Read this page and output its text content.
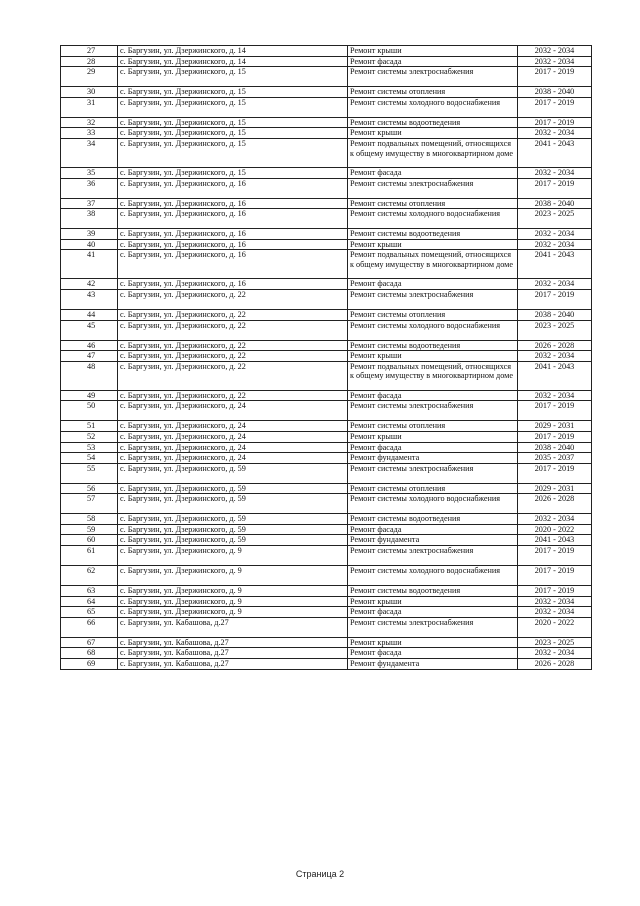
27	с. Баргузин, ул. Дзержинского, д. 14	Ремонт крыши	2032 - 2034
28	с. Баргузин, ул. Дзержинского, д. 14	Ремонт фасада	2032 - 2034
29	с. Баргузин, ул. Дзержинского, д. 15	Ремонт системы электроснабжения	2017 - 2019
30	с. Баргузин, ул. Дзержинского, д. 15	Ремонт системы отопления	2038 - 2040
31	с. Баргузин, ул. Дзержинского, д. 15	Ремонт системы холодного водоснабжения	2017 - 2019
32	с. Баргузин, ул. Дзержинского, д. 15	Ремонт системы водоотведения	2017 - 2019
33	с. Баргузин, ул. Дзержинского, д. 15	Ремонт крыши	2032 - 2034
34	с. Баргузин, ул. Дзержинского, д. 15	Ремонт подвальных помещений, относящихся к общему имуществу в многоквартирном доме	2041 - 2043
35	с. Баргузин, ул. Дзержинского, д. 15	Ремонт фасада	2032 - 2034
36	с. Баргузин, ул. Дзержинского, д. 16	Ремонт системы электроснабжения	2017 - 2019
37	с. Баргузин, ул. Дзержинского, д. 16	Ремонт системы отопления	2038 - 2040
38	с. Баргузин, ул. Дзержинского, д. 16	Ремонт системы холодного водоснабжения	2023 - 2025
39	с. Баргузин, ул. Дзержинского, д. 16	Ремонт системы водоотведения	2032 - 2034
40	с. Баргузин, ул. Дзержинского, д. 16	Ремонт крыши	2032 - 2034
41	с. Баргузин, ул. Дзержинского, д. 16	Ремонт подвальных помещений, относящихся к общему имуществу в многоквартирном доме	2041 - 2043
42	с. Баргузин, ул. Дзержинского, д. 16	Ремонт фасада	2032 - 2034
43	с. Баргузин, ул. Дзержинского, д. 22	Ремонт системы электроснабжения	2017 - 2019
44	с. Баргузин, ул. Дзержинского, д. 22	Ремонт системы отопления	2038 - 2040
45	с. Баргузин, ул. Дзержинского, д. 22	Ремонт системы холодного водоснабжения	2023 - 2025
46	с. Баргузин, ул. Дзержинского, д. 22	Ремонт системы водоотведения	2026 - 2028
47	с. Баргузин, ул. Дзержинского, д. 22	Ремонт крыши	2032 - 2034
48	с. Баргузин, ул. Дзержинского, д. 22	Ремонт подвальных помещений, относящихся к общему имуществу в многоквартирном доме	2041 - 2043
49	с. Баргузин, ул. Дзержинского, д. 22	Ремонт фасада	2032 - 2034
50	с. Баргузин, ул. Дзержинского, д. 24	Ремонт системы электроснабжения	2017 - 2019
51	с. Баргузин, ул. Дзержинского, д. 24	Ремонт системы отопления	2029 - 2031
52	с. Баргузин, ул. Дзержинского, д. 24	Ремонт крыши	2017 - 2019
53	с. Баргузин, ул. Дзержинского, д. 24	Ремонт фасада	2038 - 2040
54	с. Баргузин, ул. Дзержинского, д. 24	Ремонт фундамента	2035 - 2037
55	с. Баргузин, ул. Дзержинского, д. 59	Ремонт системы электроснабжения	2017 - 2019
56	с. Баргузин, ул. Дзержинского, д. 59	Ремонт системы отопления	2029 - 2031
57	с. Баргузин, ул. Дзержинского, д. 59	Ремонт системы холодного водоснабжения	2026 - 2028
58	с. Баргузин, ул. Дзержинского, д. 59	Ремонт системы водоотведения	2032 - 2034
59	с. Баргузин, ул. Дзержинского, д. 59	Ремонт фасада	2020 - 2022
60	с. Баргузин, ул. Дзержинского, д. 59	Ремонт фундамента	2041 - 2043
61	с. Баргузин, ул. Дзержинского, д. 9	Ремонт системы электроснабжения	2017 - 2019
62	с. Баргузин, ул. Дзержинского, д. 9	Ремонт системы холодного водоснабжения	2017 - 2019
63	с. Баргузин, ул. Дзержинского, д. 9	Ремонт системы водоотведения	2017 - 2019
64	с. Баргузин, ул. Дзержинского, д. 9	Ремонт крыши	2032 - 2034
65	с. Баргузин, ул. Дзержинского, д. 9	Ремонт фасада	2032 - 2034
66	с. Баргузин, ул. Кабашова, д.27	Ремонт системы электроснабжения	2020 - 2022
67	с. Баргузин, ул. Кабашова, д.27	Ремонт крыши	2023 - 2025
68	с. Баргузин, ул. Кабашова, д.27	Ремонт фасада	2032 - 2034
69	с. Баргузин, ул. Кабашова, д.27	Ремонт фундамента	2026 - 2028
Страница 2
